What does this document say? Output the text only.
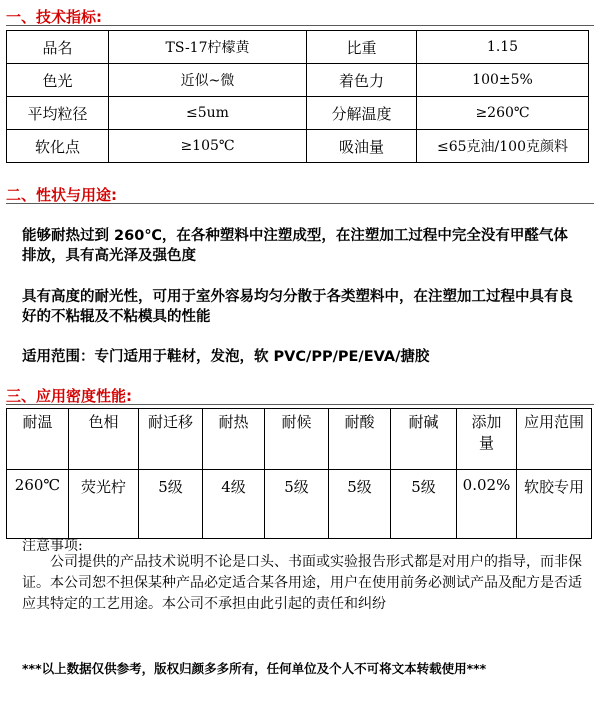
一、技术指标:
品名	TS-17柠檬黄	比重	1.15
色光	近似~微	着色力	100±5%
平均粒径	≤5um	分解温度	≥260℃
软化点	≥105℃	吸油量	≤65克油/100克颜料
二、性状与用途:
能够耐热过到 260℃，在各种塑料中注塑成型，在注塑加工过程中完全没有甲醛气体排放，具有高光泽及强色度
具有高度的耐光性，可用于室外容易均匀分散于各类塑料中，在注塑加工过程中具有良好的不粘辊及不粘模具的性能
适用范围：专门适用于鞋材，发泡，软 PVC/PP/PE/EVA/搪胶
三、应用密度性能:
耐温	色相	耐迁移	耐热	耐候	耐酸	耐碱	添加量	应用范围
260℃	荧光柠	5级	4级	5级	5级	5级	0.02%	软胶专用
注意事项:
公司提供的产品技术说明不论是口头、书面或实验报告形式都是对用户的指导，而非保证。本公司恕不担保某种产品必定适合某各用途，用户在使用前务必测试产品及配方是否适应其特定的工艺用途。本公司不承担由此引起的责任和纠纷
***以上数据仅供参考，版权归颜多多所有，任何单位及个人不可将文本转载使用***
